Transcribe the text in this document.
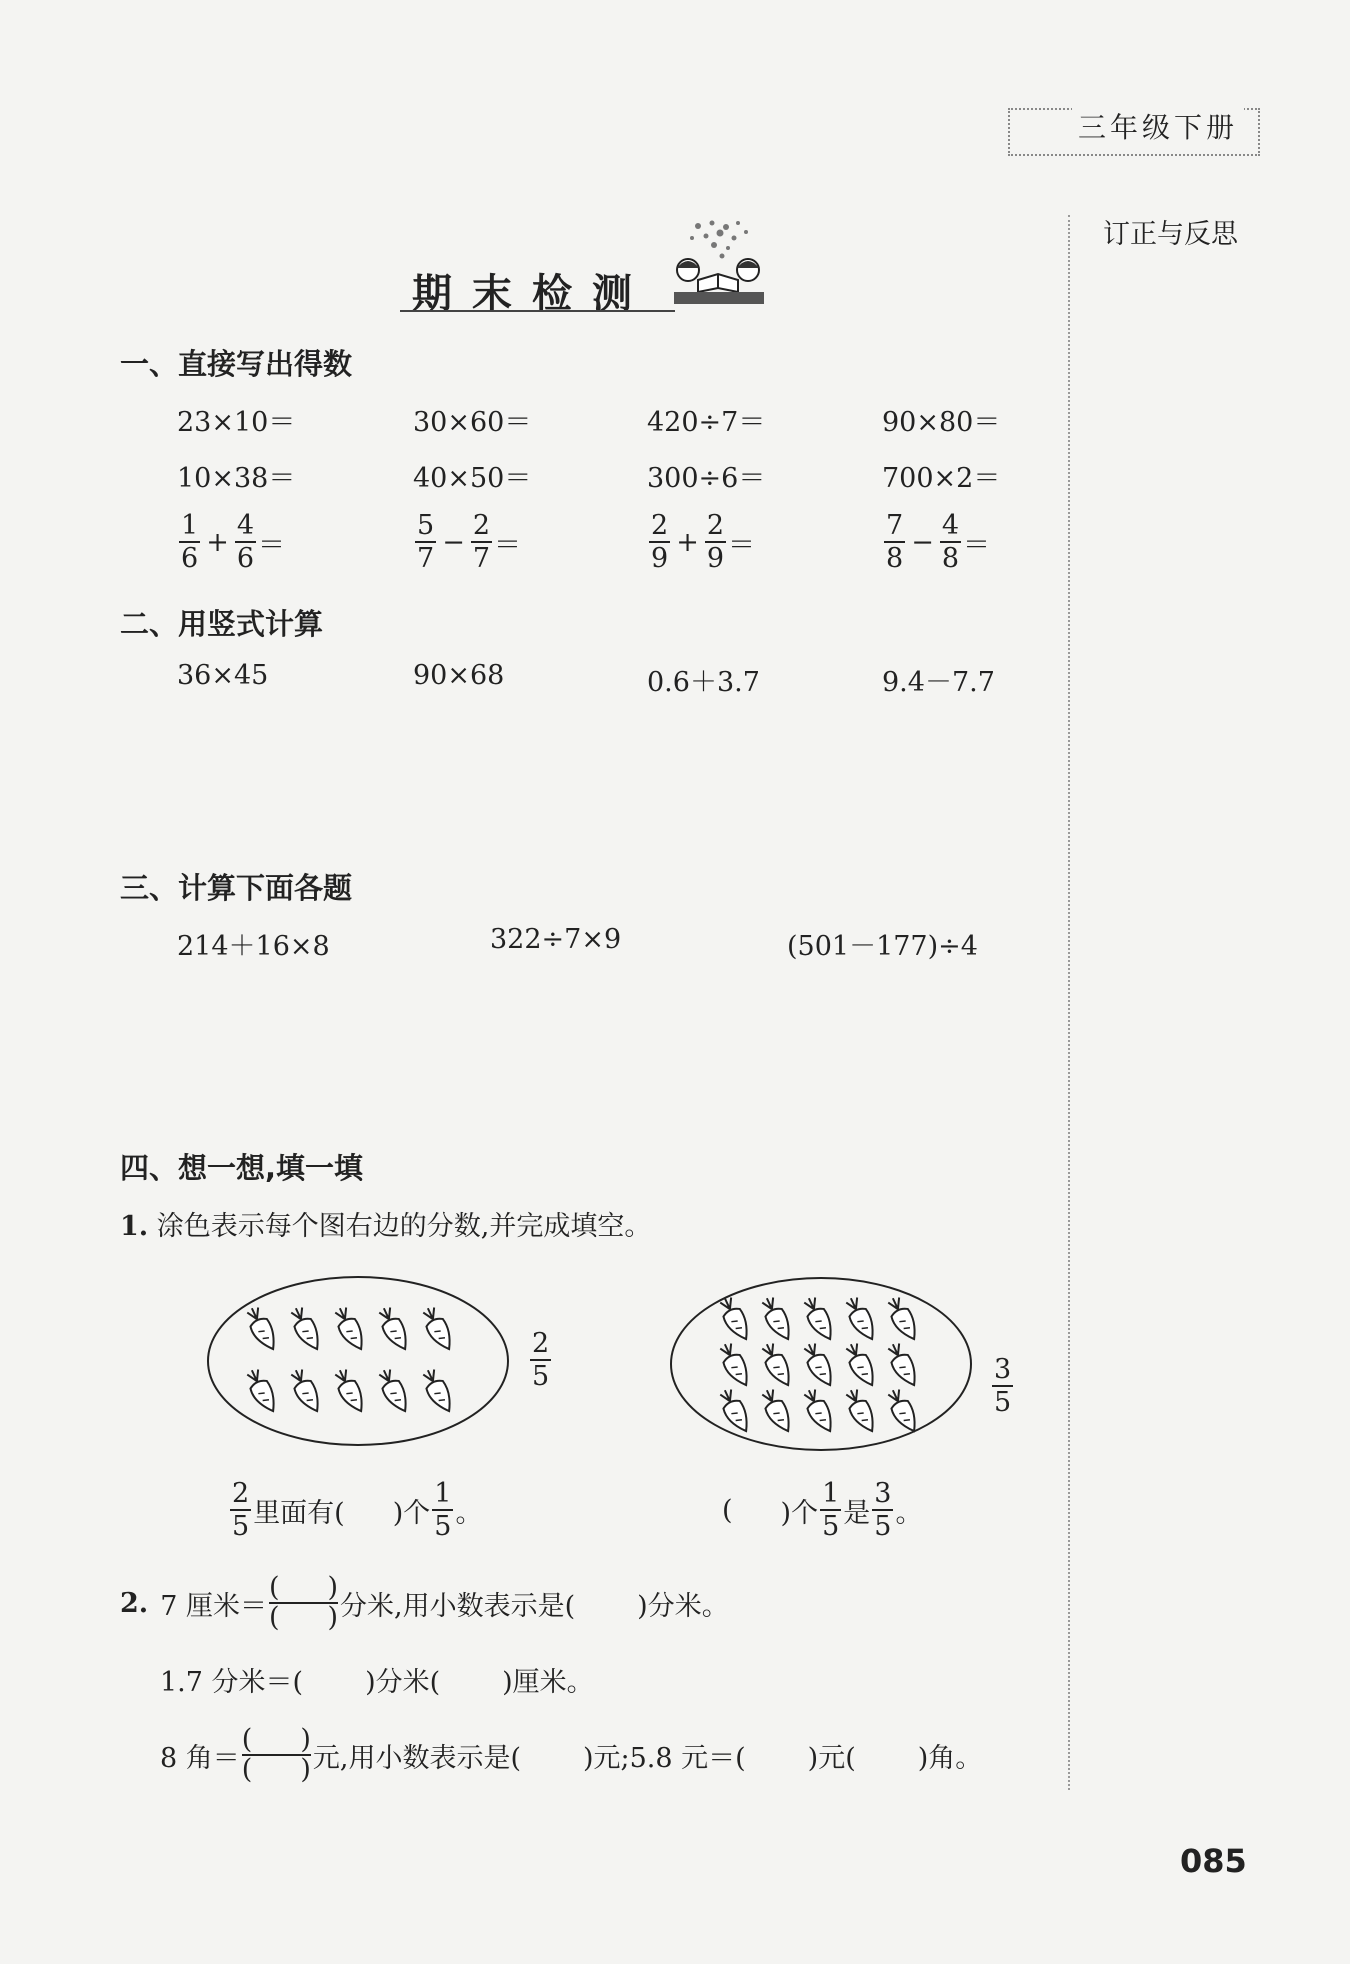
三年级下册
订正与反思
期末检测
一、直接写出得数
23×10＝	30×60＝	420÷7＝	90×80＝
10×38＝	40×50＝	300÷6＝	700×2＝
$\frac{1}{6} + \frac{4}{6}$ ＝	$\frac{5}{7} - \frac{2}{7}$ ＝	$\frac{2}{9} + \frac{2}{9}$ ＝	$\frac{7}{8} - \frac{4}{8}$ ＝
二、用竖式计算
36×45	90×68	0.6＋3.7	9.4－7.7
三、计算下面各题
214＋16×8	322÷7×9	(501－177)÷4
四、想一想,填一填
1. 涂色表示每个图右边的分数,并完成填空。
$\frac{2}{5}$	$\frac{3}{5}$
$\frac{2}{5}$ 里面有( )个 $\frac{1}{5}$ 。	( )个 $\frac{1}{5}$ 是 $\frac{3}{5}$ 。
2. 7 厘米＝
( )
( ) 分米,用小数表示是( )分米。
1.7 分米＝( )分米( )厘米。
8 角＝
( )
( ) 元,用小数表示是( )元;5.8 元＝( )元( )角。
085
